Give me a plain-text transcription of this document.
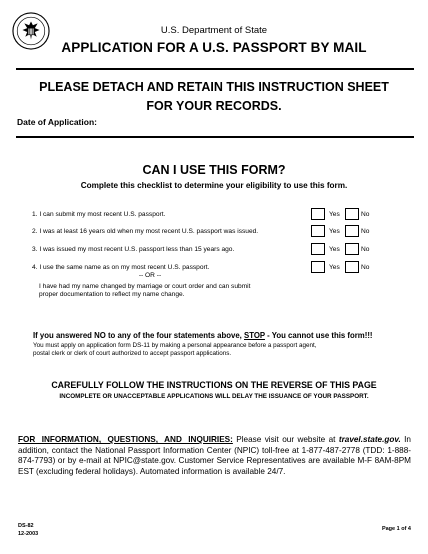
U.S. Department of State
APPLICATION FOR A U.S. PASSPORT BY MAIL
PLEASE DETACH AND RETAIN THIS INSTRUCTION SHEET
FOR YOUR RECORDS.
Date of Application:
CAN I USE THIS FORM?
Complete this checklist to determine your eligibility to use this form.
1. I can submit my most recent U.S. passport.	Yes	No
2. I was at least 16 years old when my most recent U.S. passport was issued.	Yes	No
3. I was issued my most recent U.S. passport less than 15 years ago.	Yes	No
4. I use the same name as on my most recent U.S. passport.	Yes	No
-- OR --
I have had my name changed by marriage or court order and can submit
proper documentation to reflect my name change.
If you answered NO to any of the four statements above, STOP - You cannot use this form!!!
You must apply on application form DS-11 by making a personal appearance before a passport agent,
postal clerk or clerk of court authorized to accept passport applications.
CAREFULLY FOLLOW THE INSTRUCTIONS ON THE REVERSE OF THIS PAGE
INCOMPLETE OR UNACCEPTABLE APPLICATIONS WILL DELAY THE ISSUANCE OF YOUR PASSPORT.
FOR INFORMATION, QUESTIONS, AND INQUIRIES: Please visit our website at travel.state.gov. In addition, contact the National Passport Information Center (NPIC) toll-free at 1-877-487-2778 (TDD: 1-888-874-7793) or by e-mail at NPIC@state.gov. Customer Service Representatives are available M-F 8AM-8PM EST (excluding federal holidays). Automated information is available 24/7.
DS-82
12-2003
Page 1 of 4
